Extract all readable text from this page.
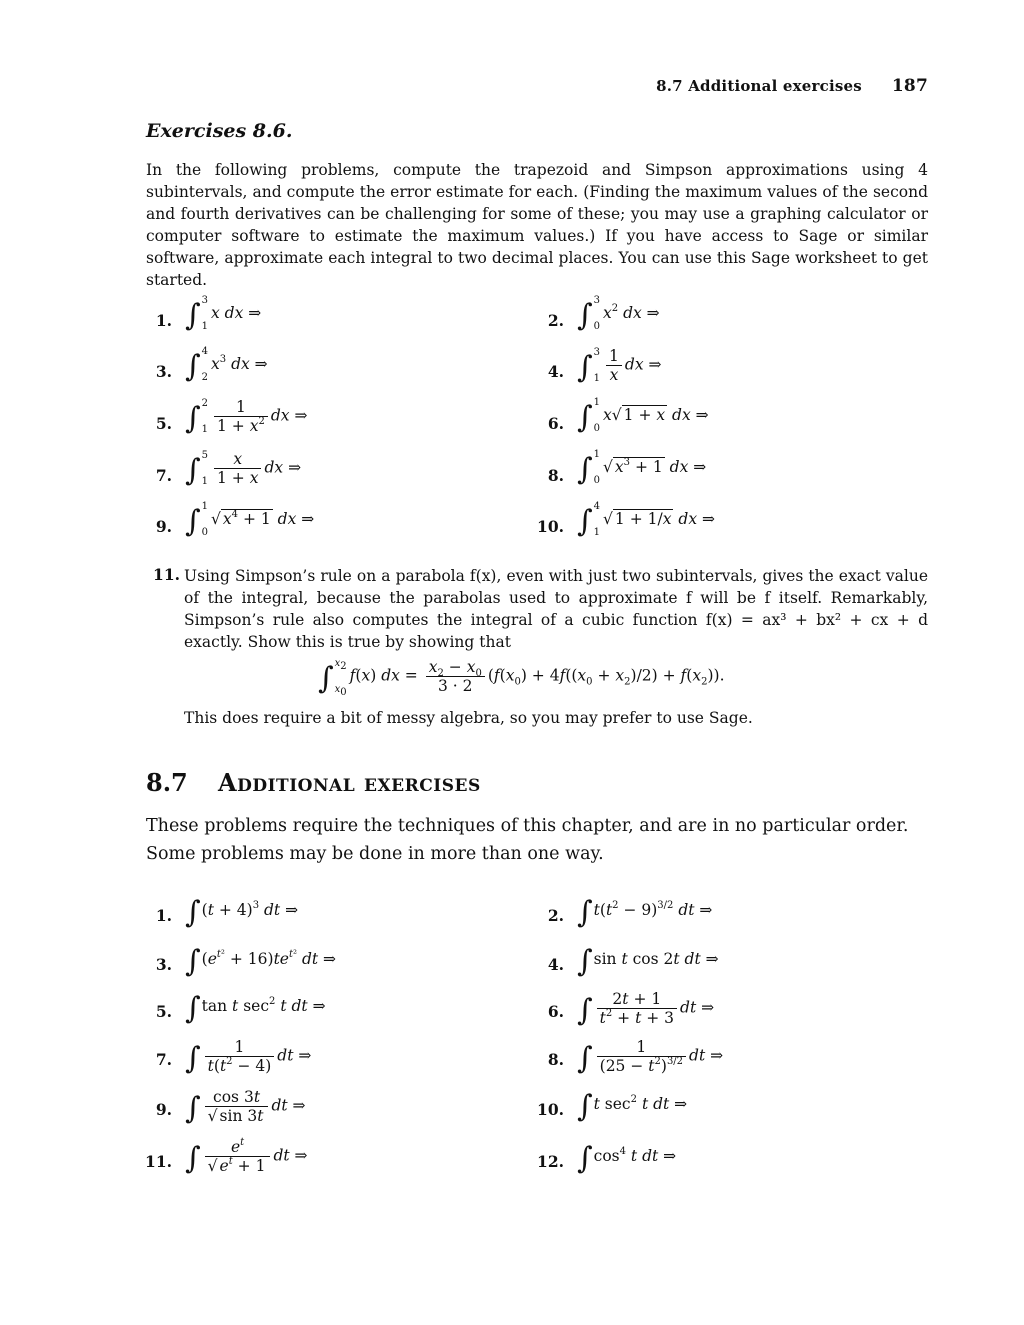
8.7 Additional exercises 187
Exercises 8.6.
In the following problems, compute the trapezoid and Simpson approximations using 4 subintervals, and compute the error estimate for each. (Finding the maximum values of the second and fourth derivatives can be challenging for some of these; you may use a graphing calculator or computer software to estimate the maximum values.) If you have access to Sage or similar software, approximate each integral to two decimal places. You can use this Sage worksheet to get started.
1. ∫ 3
1
x dx ⇒	2. ∫ 3
0
$x^2$ dx ⇒
3. ∫ 4
2
$x^3$ dx ⇒	4. ∫ 3
$1 \frac{1}{x}$ dx ⇒
5. ∫ 2
$1 \frac{1}{1 + x^2}$ dx ⇒	6. ∫ 1
0
x√ 1 + x dx ⇒
7. ∫ 5
$1 \frac{x}{1 + x}$ dx ⇒	8. ∫ 1
0
√ $x^3 + 1$ dx ⇒
9. ∫ 1
0
√ $x^4 + 1$ dx ⇒	10. ∫ 4
1
√ 1 + 1/x dx ⇒
11. Using Simpson’s rule on a parabola f(x), even with just two subintervals, gives the exact value of the integral, because the parabolas used to approximate f will be f itself. Remarkably, Simpson’s rule also computes the integral of a cubic function f(x) = ax³ + bx² + cx + d exactly. Show this is true by showing that
∫ $x_2$
$x_0$
f(x) dx = $\frac{x_2 - x_0}{3 \cdot 2} (f(x_0) + 4f((x_0 + x_2)/2) + f(x_2))$.
This does require a bit of messy algebra, so you may prefer to use Sage.
8.7 Additional exercises
These problems require the techniques of this chapter, and are in no particular order. Some problems may be done in more than one way.
1. $\int(t + 4)^3$ dt ⇒	2. $\int t(t^2 - 9)^{3/2}$ dt ⇒
3. $\int(e^{t^2} + 16)te^{t^2}$ dt ⇒	4. ∫sin t cos 2t dt ⇒
5. ∫tan t $\sec^2 t$ dt ⇒	6. ∫ $\frac{2t + 1}{t^2 + t + 3}$ dt ⇒
7. ∫ $\frac{1}{t(t^2 - 4)}$ dt ⇒	8. ∫ $\frac{1}{(25 - t^2)^{3/2}}$ dt ⇒
9. ∫ $\frac{\cos 3t}{√ \sin 3t}$ dt ⇒	10. ∫t $\sec^2 t$ dt ⇒
11. ∫ $\frac{e^t}{√ e^t + 1}$ dt ⇒	12. $\int\cos^4$ t dt ⇒
